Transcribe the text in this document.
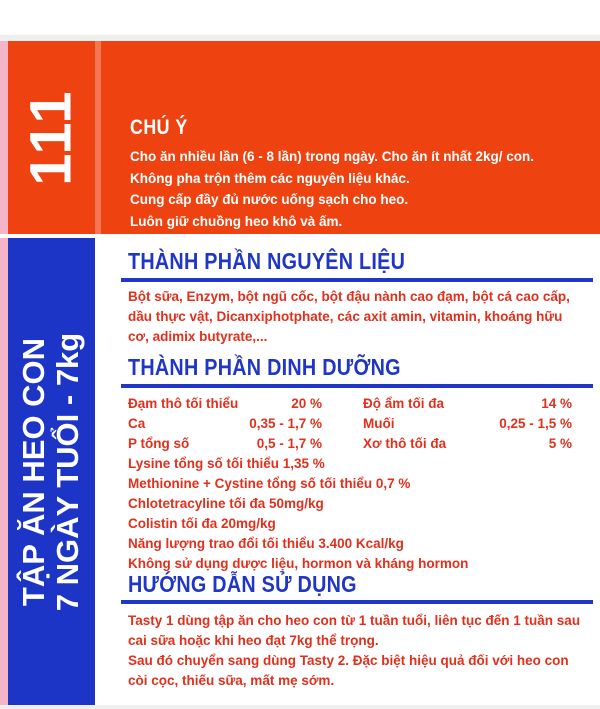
111 CHÚ Ý
Cho ăn nhiều lần (6 - 8 lần) trong ngày. Cho ăn ít nhất 2kg/ con.
Không pha trộn thêm các nguyên liệu khác.
Cung cấp đầy đủ nước uống sạch cho heo.
Luôn giữ chuồng heo khô và ấm.
TẬP ĂN HEO CON 7 NGÀY TUỔI - 7kg
THÀNH PHẦN NGUYÊN LIỆU
Bột sữa, Enzym, bột ngũ cốc, bột đậu nành cao đạm, bột cá cao cấp,
dầu thực vật, Dicanxiphotphate, các axit amin, vitamin, khoáng hữu
cơ, adimix butyrate,...
THÀNH PHẦN DINH DƯỠNG
Đạm thô tối thiểu	20 %	Độ ẩm tối đa	14 %
Ca	0,35 - 1,7 %	Muối	0,25 - 1,5 %
P tổng số	0,5 - 1,7 %	Xơ thô tối đa	5 %
Lysine tổng số tối thiểu 1,35 %
Methionine + Cystine tổng số tối thiểu 0,7 %
Chlotetracyline tối đa 50mg/kg
Colistin tối đa 20mg/kg
Năng lượng trao đổi tối thiểu 3.400 Kcal/kg
Không sử dụng dược liệu, hormon và kháng hormon
HƯỚNG DẪN SỬ DỤNG
Tasty 1 dùng tập ăn cho heo con từ 1 tuần tuổi, liên tục đến 1 tuần sau
cai sữa hoặc khi heo đạt 7kg thể trọng.
Sau đó chuyển sang dùng Tasty 2. Đặc biệt hiệu quả đối với heo con
còi cọc, thiếu sữa, mất mẹ sớm.
